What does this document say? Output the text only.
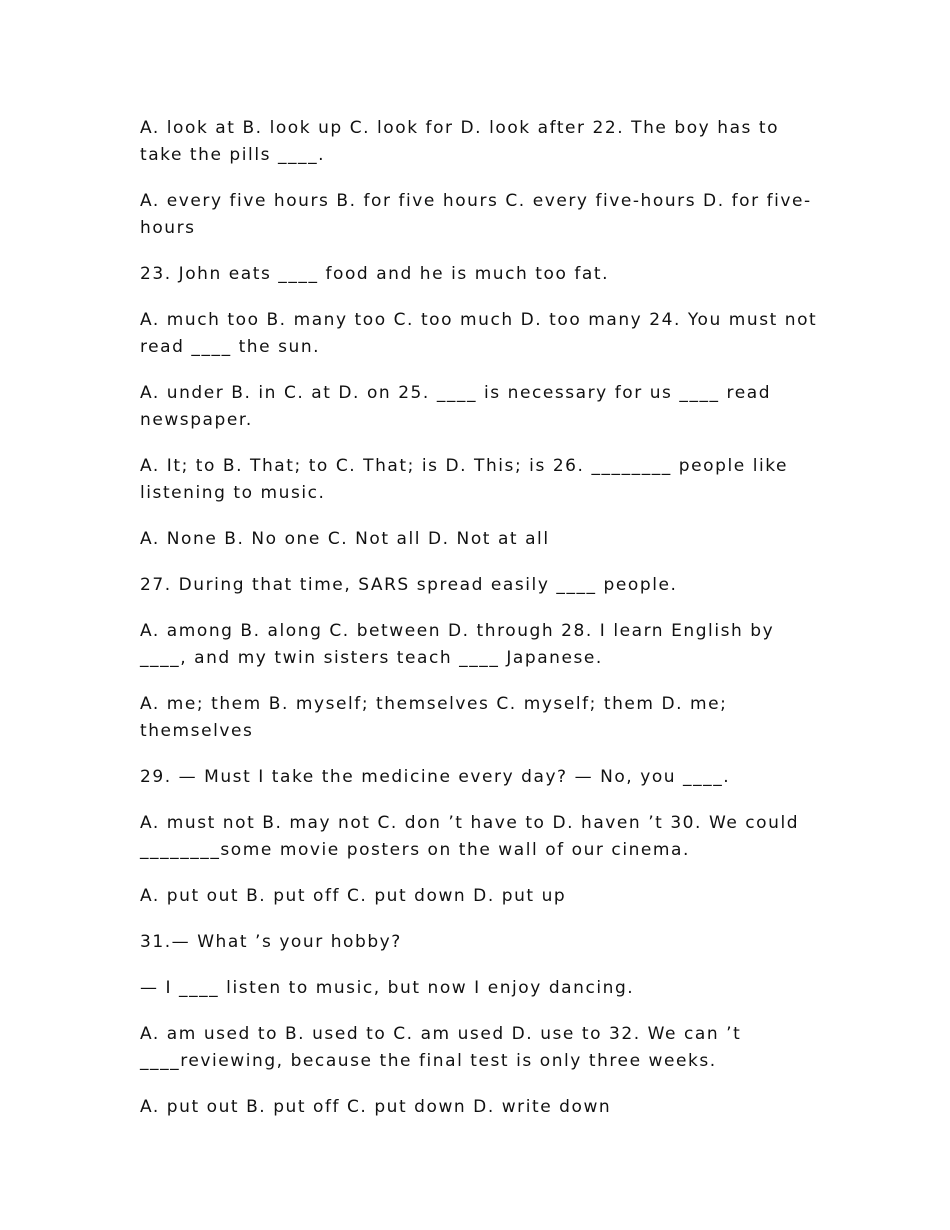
A. look at B. look up C. look for D. look after 22. The boy has to take the pills ____.

A. every five hours B. for five hours C. every five-hours D. for five-hours

23. John eats ____ food and he is much too fat.

A. much too B. many too C. too much D. too many 24. You must not read ____ the sun.

A. under B. in C. at D. on 25. ____ is necessary for us ____ read newspaper.

A. It; to B. That; to C. That; is D. This; is 26. ________ people like listening to music.

A. None B. No one C. Not all D. Not at all

27. During that time, SARS spread easily ____ people.

A. among B. along C. between D. through 28. I learn English by ____, and my twin sisters teach ____ Japanese.

A. me; them B. myself; themselves C. myself; them D. me; themselves

29. — Must I take the medicine every day? — No, you ____.

A. must not B. may not C. don ’t have to D. haven ’t 30. We could ________some movie posters on the wall of our cinema.

A. put out B. put off C. put down D. put up

31.— What ’s your hobby?

— I ____ listen to music, but now I enjoy dancing.

A. am used to B. used to C. am used D. use to 32. We can ’t ____reviewing, because the final test is only three weeks.

A. put out B. put off C. put down D. write down
